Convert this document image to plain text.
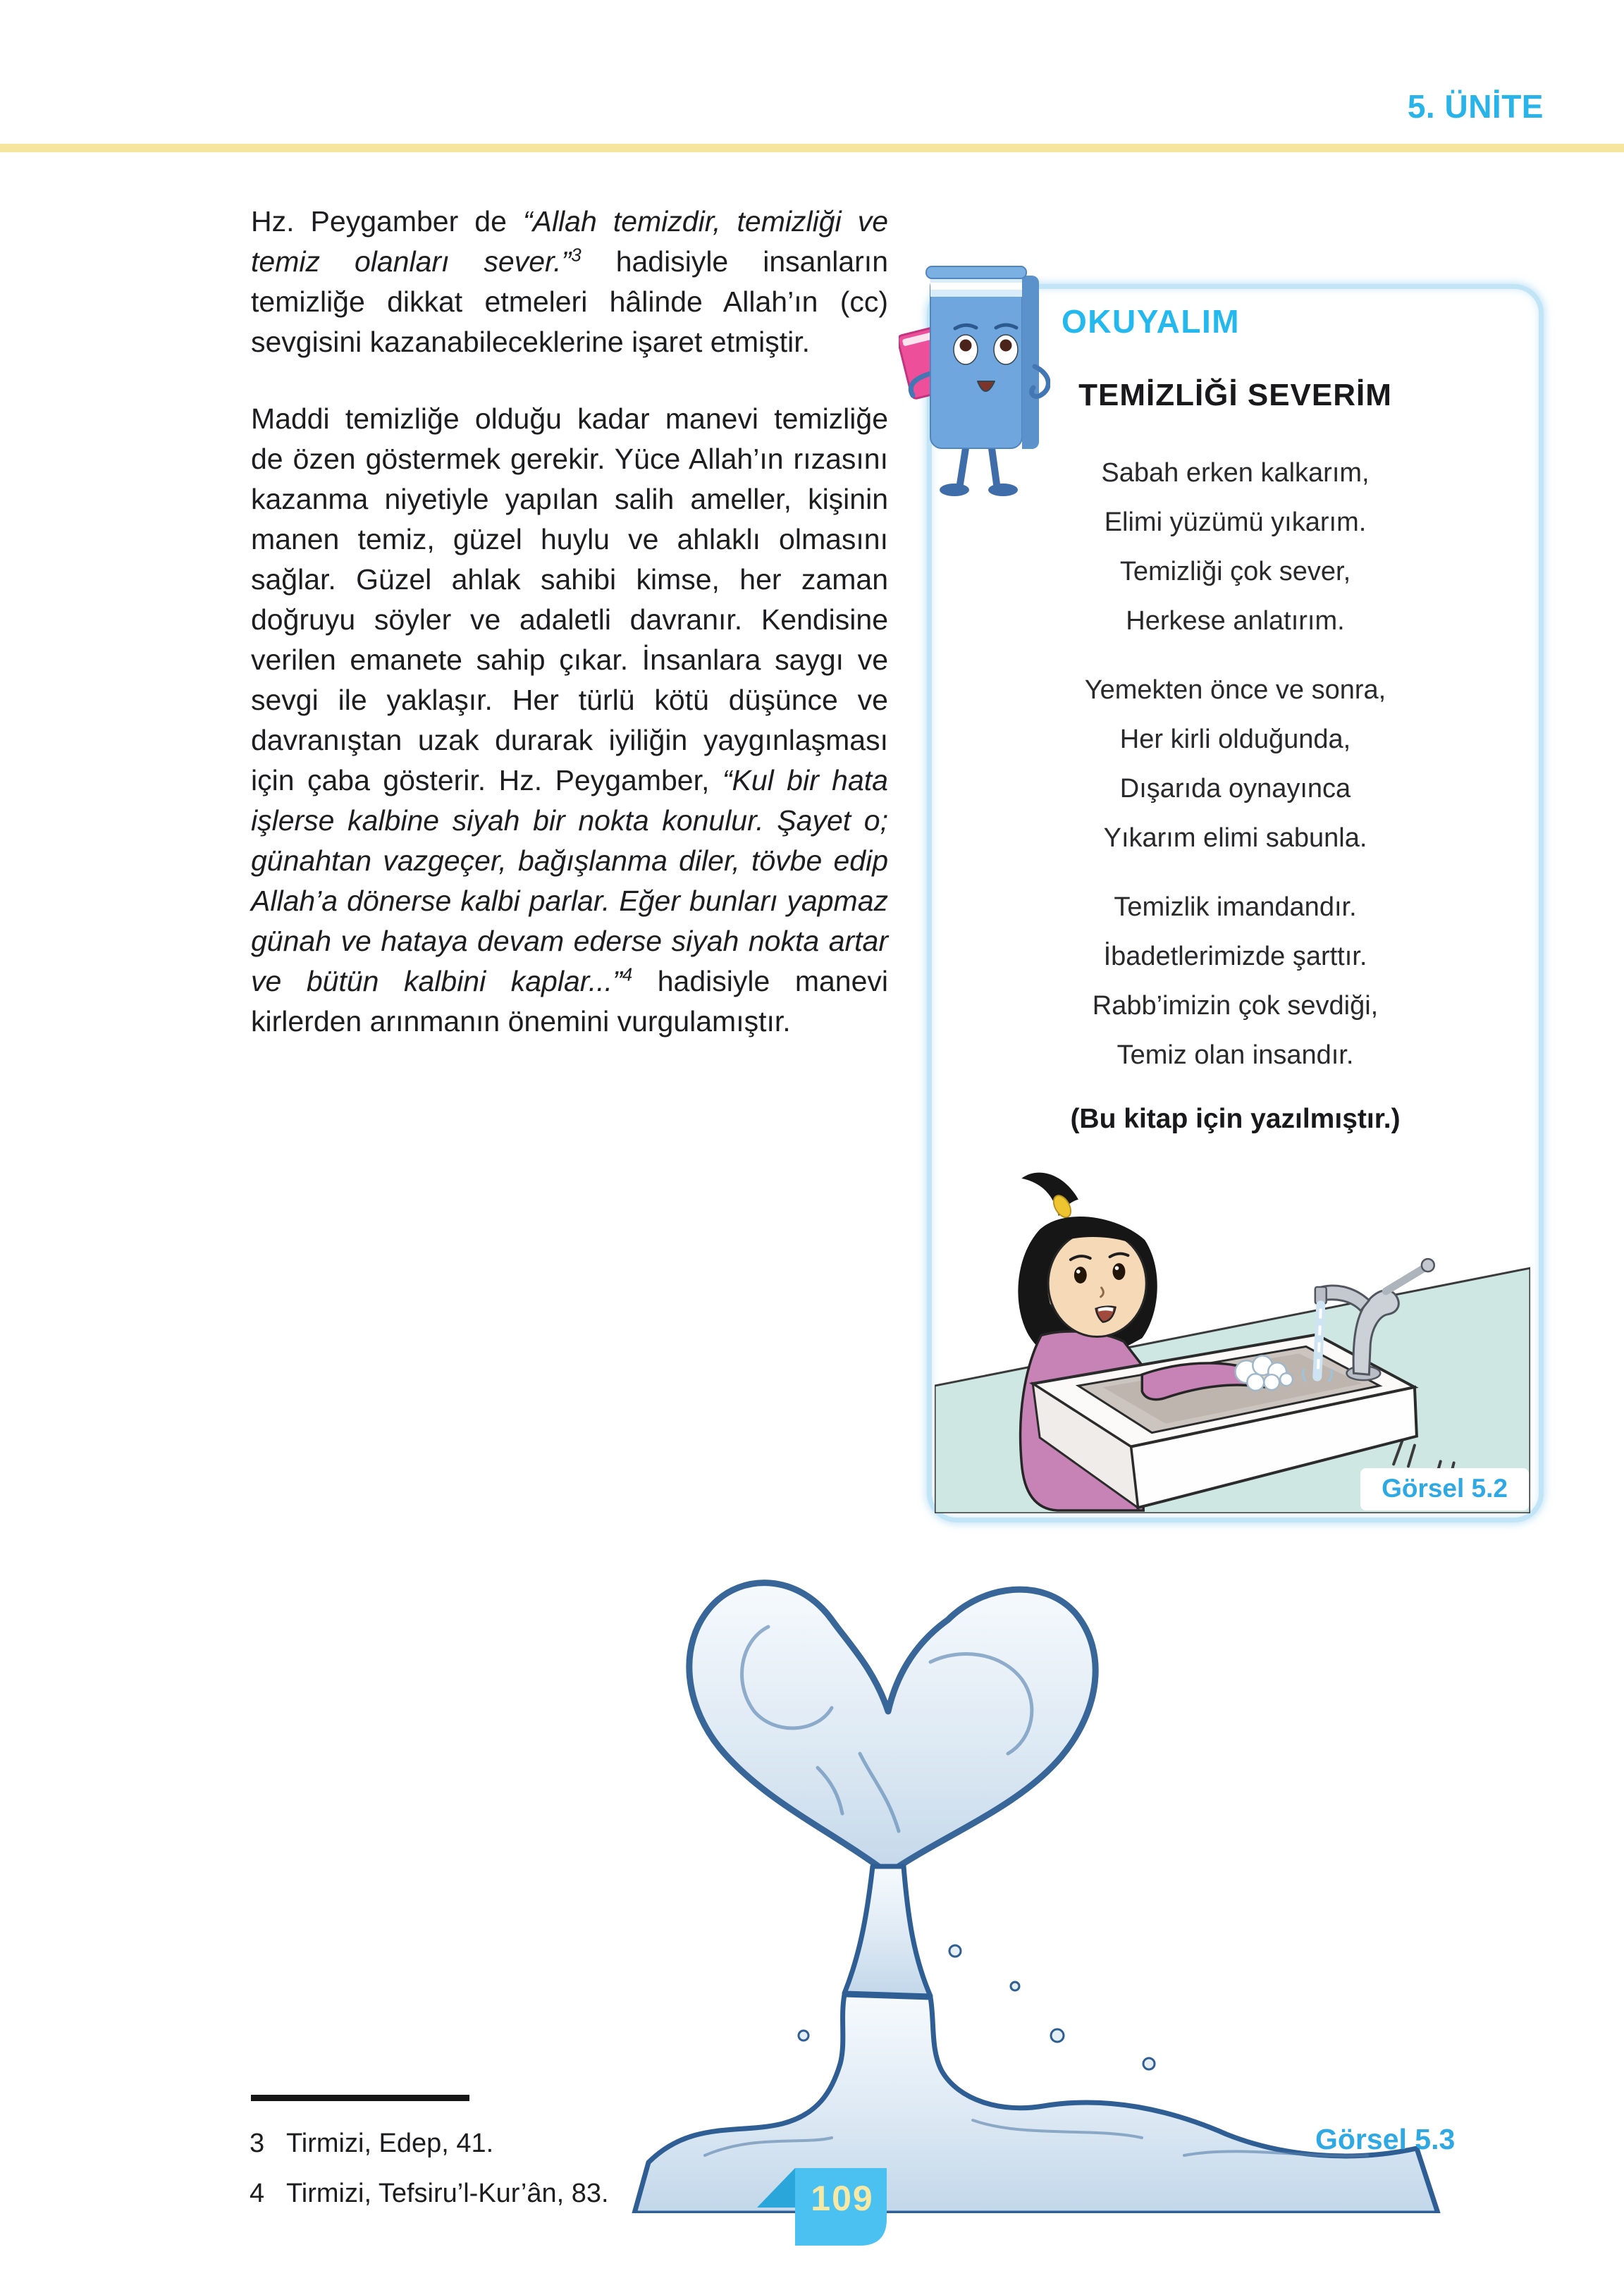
5. ÜNİTE

Hz. Peygamber de “Allah temizdir, temizliği ve temiz olanları sever.”$^3$ hadisiyle insanların temizliğe dikkat etmeleri hâlinde Allah’ın (cc) sevgisini kazanabileceklerine işaret etmiştir.

Maddi temizliğe olduğu kadar manevi temizliğe de özen göstermek gerekir. Yüce Allah’ın rızasını kazanma niyetiyle yapılan salih ameller, kişinin manen temiz, güzel huylu ve ahlaklı olmasını sağlar. Güzel ahlak sahibi kimse, her zaman doğruyu söyler ve adaletli davranır. Kendisine verilen emanete sahip çıkar. İnsanlara saygı ve sevgi ile yaklaşır. Her türlü kötü düşünce ve davranıştan uzak durarak iyiliğin yaygınlaşması için çaba gösterir. Hz. Peygamber, “Kul bir hata işlerse kalbine siyah bir nokta konulur. Şayet o; günahtan vazgeçer, bağışlanma diler, tövbe edip Allah’a dönerse kalbi parlar. Eğer bunları yapmaz günah ve hataya devam ederse siyah nokta artar ve bütün kalbini kaplar...”$^4$ hadisiyle manevi kirlerden arınmanın önemini vurgulamıştır.

TEMİZLİĞİ SEVERİM
Sabah erken kalkarım,
Elimi yüzümü yıkarım.
Temizliği çok sever,
Herkese anlatırım.
Yemekten önce ve sonra,
Her kirli olduğunda,
Dışarıda oynayınca
Yıkarım elimi sabunla.
Temizlik imandandır.
İbadetlerimizde şarttır.
Rabb’imizin çok sevdiği,
Temiz olan insandır.
(Bu kitap için yazılmıştır.)
Görsel 5.2
OKUYALIM
3 Tirmizi, Edep, 41.
4 Tirmizi, Tefsiru’l-Kur’ân, 83.
Görsel 5.3
109
